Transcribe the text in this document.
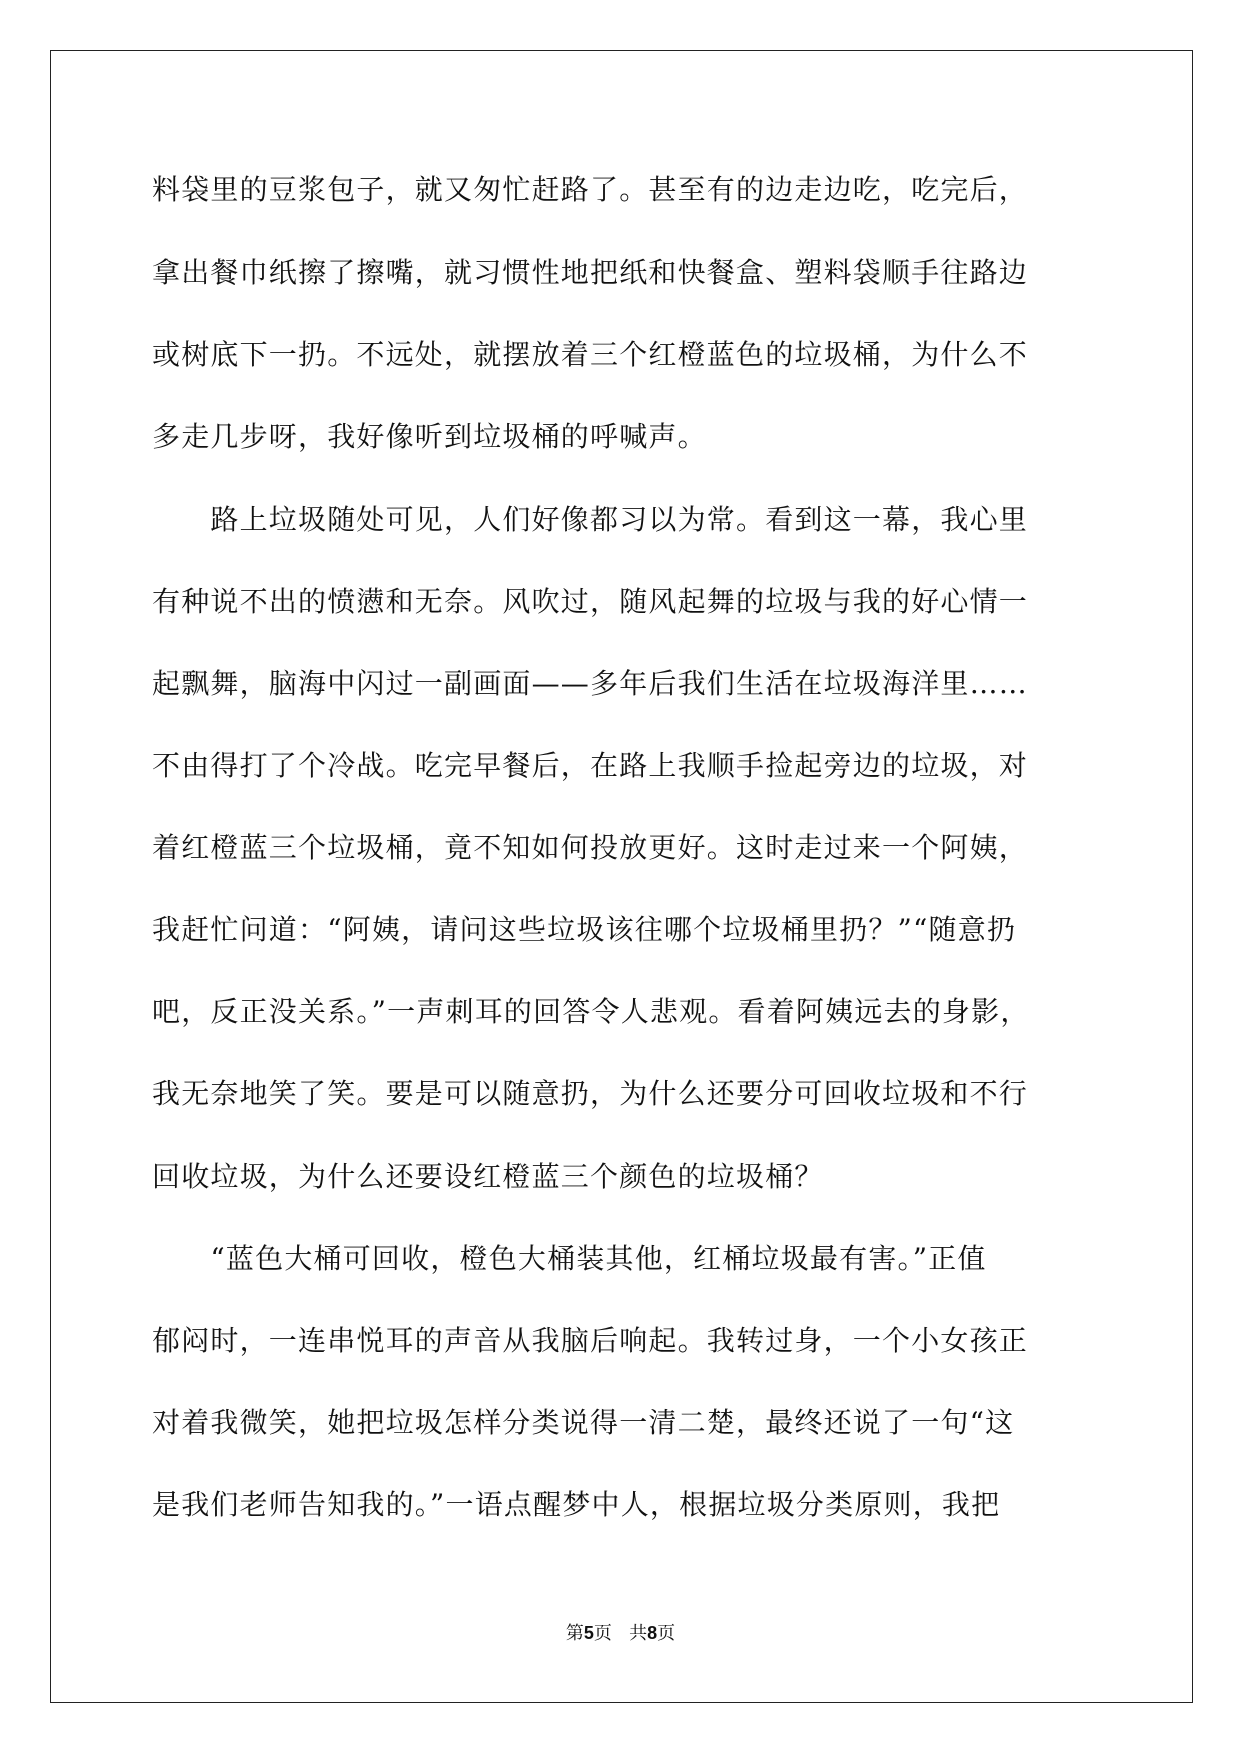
料袋里的豆浆包子，就又匆忙赶路了。甚至有的边走边吃，吃完后，
拿出餐巾纸擦了擦嘴，就习惯性地把纸和快餐盒、塑料袋顺手往路边
或树底下一扔。不远处，就摆放着三个红橙蓝色的垃圾桶，为什么不
多走几步呀，我好像听到垃圾桶的呼喊声。
　　路上垃圾随处可见，人们好像都习以为常。看到这一幕，我心里
有种说不出的愤懑和无奈。风吹过，随风起舞的垃圾与我的好心情一
起飘舞，脑海中闪过一副画面——多年后我们生活在垃圾海洋里……
不由得打了个冷战。吃完早餐后，在路上我顺手捡起旁边的垃圾，对
着红橙蓝三个垃圾桶，竟不知如何投放更好。这时走过来一个阿姨，
我赶忙问道：“阿姨，请问这些垃圾该往哪个垃圾桶里扔？”“随意扔
吧，反正没关系。”一声刺耳的回答令人悲观。看着阿姨远去的身影，
我无奈地笑了笑。要是可以随意扔，为什么还要分可回收垃圾和不行
回收垃圾，为什么还要设红橙蓝三个颜色的垃圾桶？
　　“蓝色大桶可回收，橙色大桶装其他，红桶垃圾最有害。”正值
郁闷时，一连串悦耳的声音从我脑后响起。我转过身，一个小女孩正
对着我微笑，她把垃圾怎样分类说得一清二楚，最终还说了一句“这
是我们老师告知我的。”一语点醒梦中人，根据垃圾分类原则，我把
第5页 共8页
